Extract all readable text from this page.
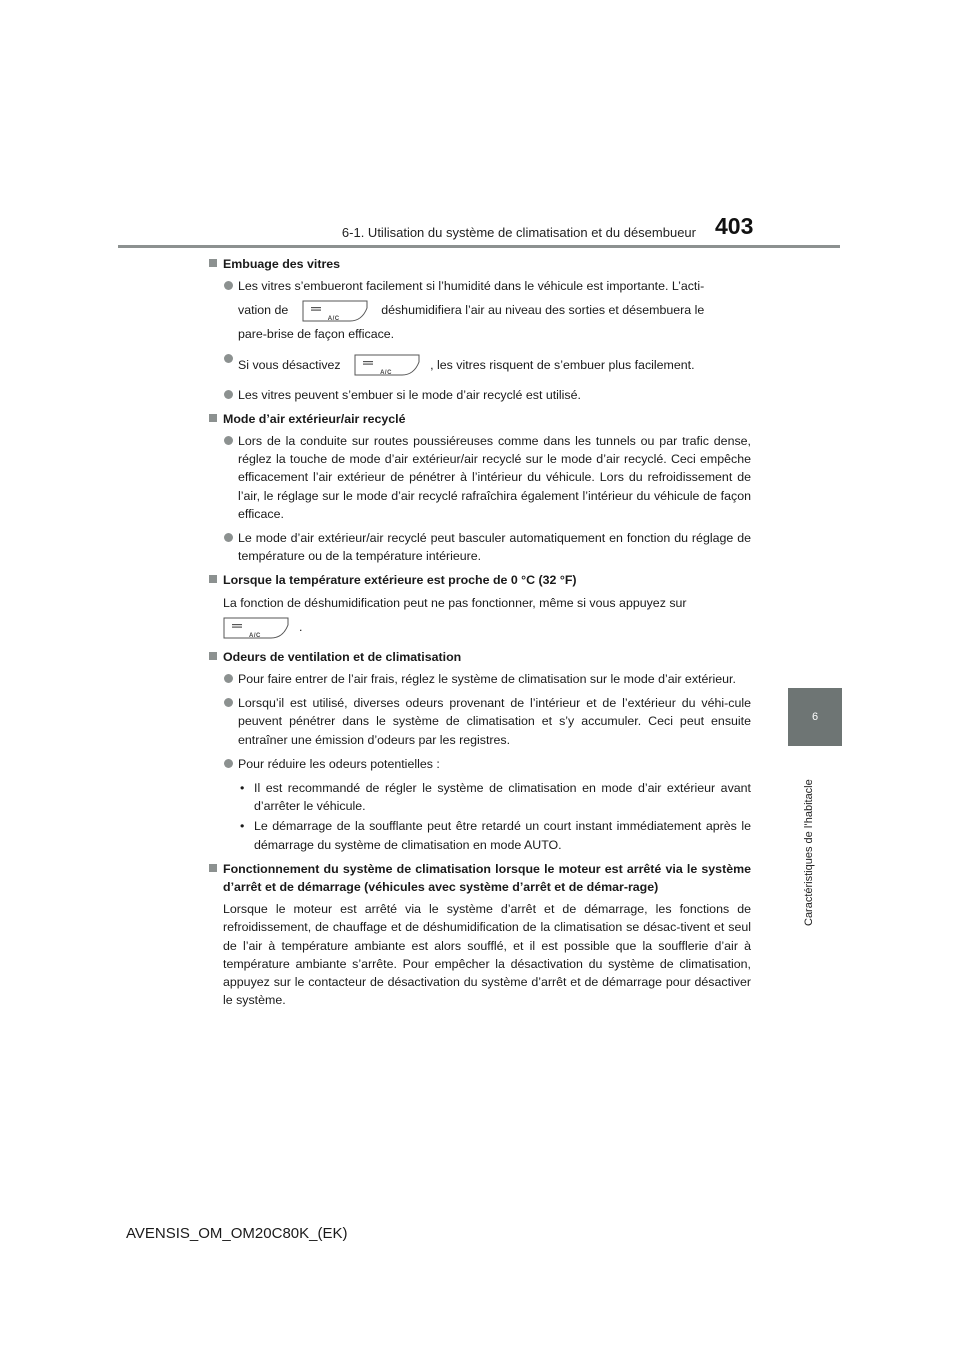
6-1. Utilisation du système de climatisation et du désembueur 403
6
Caractéristiques de l’habitacle
Embuage des vitres
Les vitres s’embueront facilement si l’humidité dans le véhicule est importante. L’acti-
vation de
A/C
déshumidifiera l’air au niveau des sorties et désembuera le
pare-brise de façon efficace.
Si vous désactivez
A/C
, les vitres risquent de s’embuer plus facilement.
Les vitres peuvent s’embuer si le mode d’air recyclé est utilisé.
Mode d’air extérieur/air recyclé
Lors de la conduite sur routes poussiéreuses comme dans les tunnels ou par trafic dense, réglez la touche de mode d’air extérieur/air recyclé sur le mode d’air recyclé. Ceci empêche efficacement l’air extérieur de pénétrer à l’intérieur du véhicule. Lors du refroidissement de l’air, le réglage sur le mode d’air recyclé rafraîchira également l’intérieur du véhicule de façon efficace.
Le mode d’air extérieur/air recyclé peut basculer automatiquement en fonction du réglage de température ou de la température intérieure.
Lorsque la température extérieure est proche de 0 °C (32 °F)
La fonction de déshumidification peut ne pas fonctionner, même si vous appuyez sur

A/C
.
Odeurs de ventilation et de climatisation
Pour faire entrer de l’air frais, réglez le système de climatisation sur le mode d’air extérieur.
Lorsqu’il est utilisé, diverses odeurs provenant de l’intérieur et de l’extérieur du véhi-cule peuvent pénétrer dans le système de climatisation et s’y accumuler. Ceci peut ensuite entraîner une émission d’odeurs par les registres.
Pour réduire les odeurs potentielles :
• Il est recommandé de régler le système de climatisation en mode d’air extérieur avant d’arrêter le véhicule.
• Le démarrage de la soufflante peut être retardé un court instant immédiatement après le démarrage du système de climatisation en mode AUTO.
Fonctionnement du système de climatisation lorsque le moteur est arrêté via le système d’arrêt et de démarrage (véhicules avec système d’arrêt et de démar-rage)
Lorsque le moteur est arrêté via le système d’arrêt et de démarrage, les fonctions de refroidissement, de chauffage et de déshumidification de la climatisation se désac-tivent et seul de l’air à température ambiante est alors soufflé, et il est possible que la soufflerie d’air à température ambiante s’arrête. Pour empêcher la désactivation du système de climatisation, appuyez sur le contacteur de désactivation du système d’arrêt et de démarrage pour désactiver le système.
AVENSIS_OM_OM20C80K_(EK)
